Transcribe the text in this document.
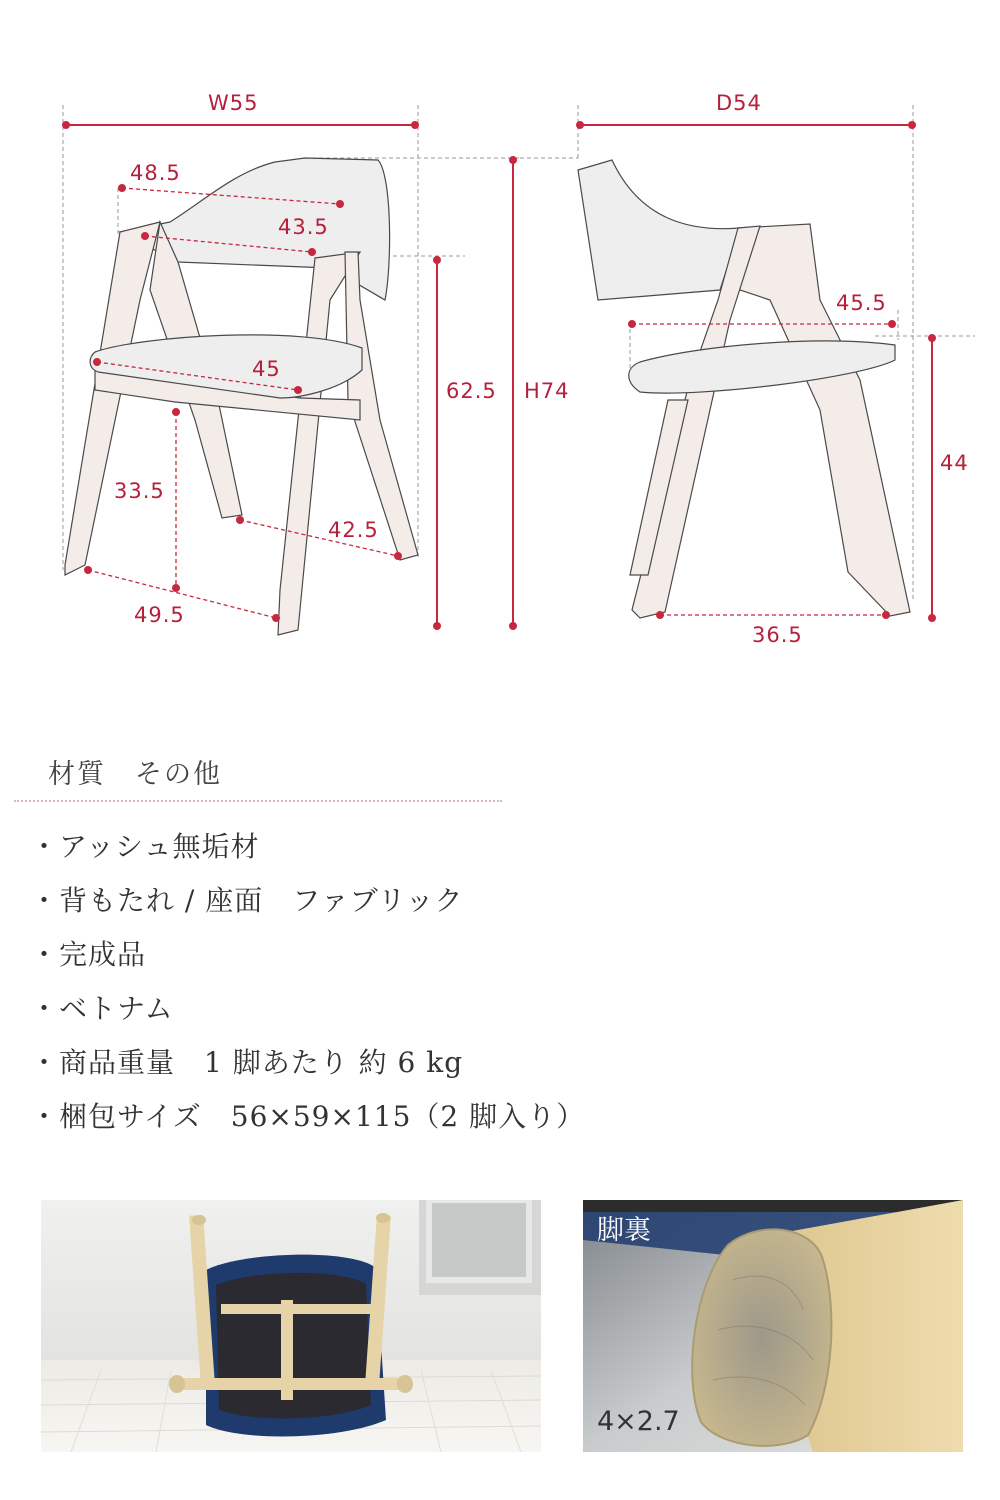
W55	D54
H74
48.5
43.5
62.5
45
33.5
42.5
49.5
45.5
44
36.5
材質　その他
・ アッシュ無垢材
・ 背もたれ / 座面　ファブリック
・ 完成品
・ ベトナム
・ 商品重量　1 脚あたり 約 6 kg
・ 梱包サイズ　56×59×115（2 脚入り）
脚裏
4×2.7
